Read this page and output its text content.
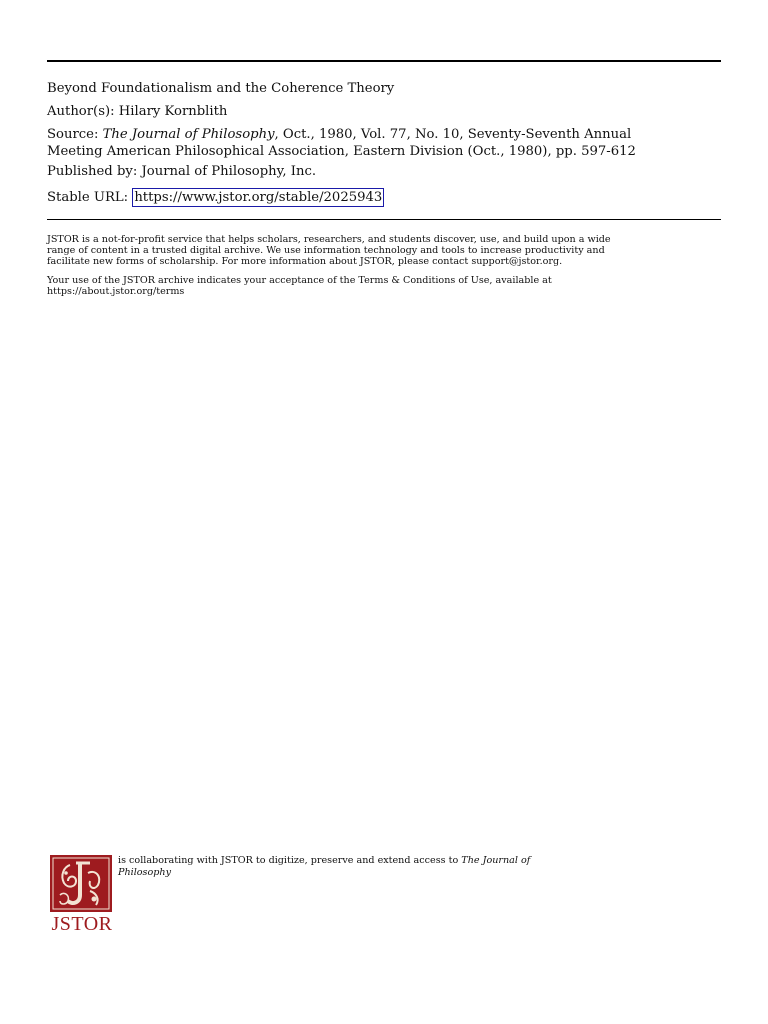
Beyond Foundationalism and the Coherence Theory
Author(s): Hilary Kornblith
Source: The Journal of Philosophy, Oct., 1980, Vol. 77, No. 10, Seventy-Seventh Annual
Meeting American Philosophical Association, Eastern Division (Oct., 1980), pp. 597-612
Published by: Journal of Philosophy, Inc.
Stable URL: https://www.jstor.org/stable/2025943
JSTOR is a not-for-profit service that helps scholars, researchers, and students discover, use, and build upon a wide
range of content in a trusted digital archive. We use information technology and tools to increase productivity and
facilitate new forms of scholarship. For more information about JSTOR, please contact support@jstor.org.
Your use of the JSTOR archive indicates your acceptance of the Terms & Conditions of Use, available at
https://about.jstor.org/terms
JSTOR
is collaborating with JSTOR to digitize, preserve and extend access to The Journal of
Philosophy
